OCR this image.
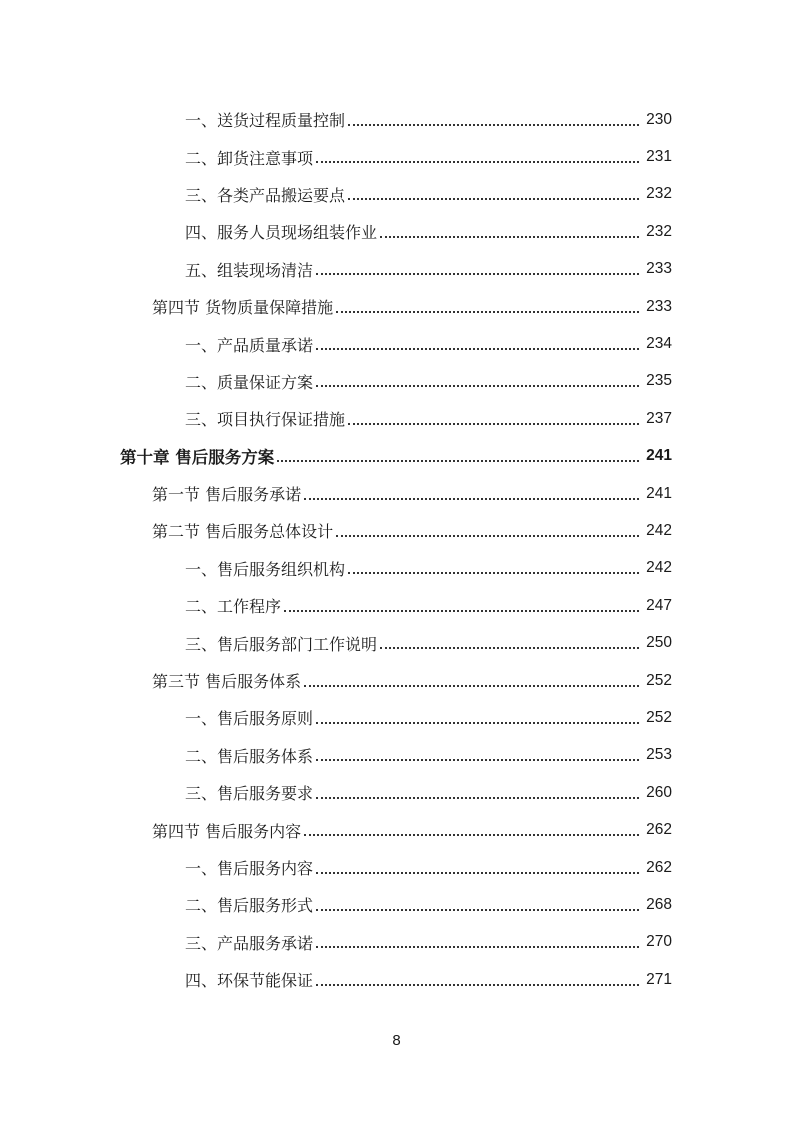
一、送货过程质量控制	230
二、卸货注意事项	231
三、各类产品搬运要点	232
四、服务人员现场组装作业	232
五、组装现场清洁	233
第四节 货物质量保障措施	233
一、产品质量承诺	234
二、质量保证方案	235
三、项目执行保证措施	237
第十章 售后服务方案	241
第一节 售后服务承诺	241
第二节 售后服务总体设计	242
一、售后服务组织机构	242
二、工作程序	247
三、售后服务部门工作说明	250
第三节 售后服务体系	252
一、售后服务原则	252
二、售后服务体系	253
三、售后服务要求	260
第四节 售后服务内容	262
一、售后服务内容	262
二、售后服务形式	268
三、产品服务承诺	270
四、环保节能保证	271
8
